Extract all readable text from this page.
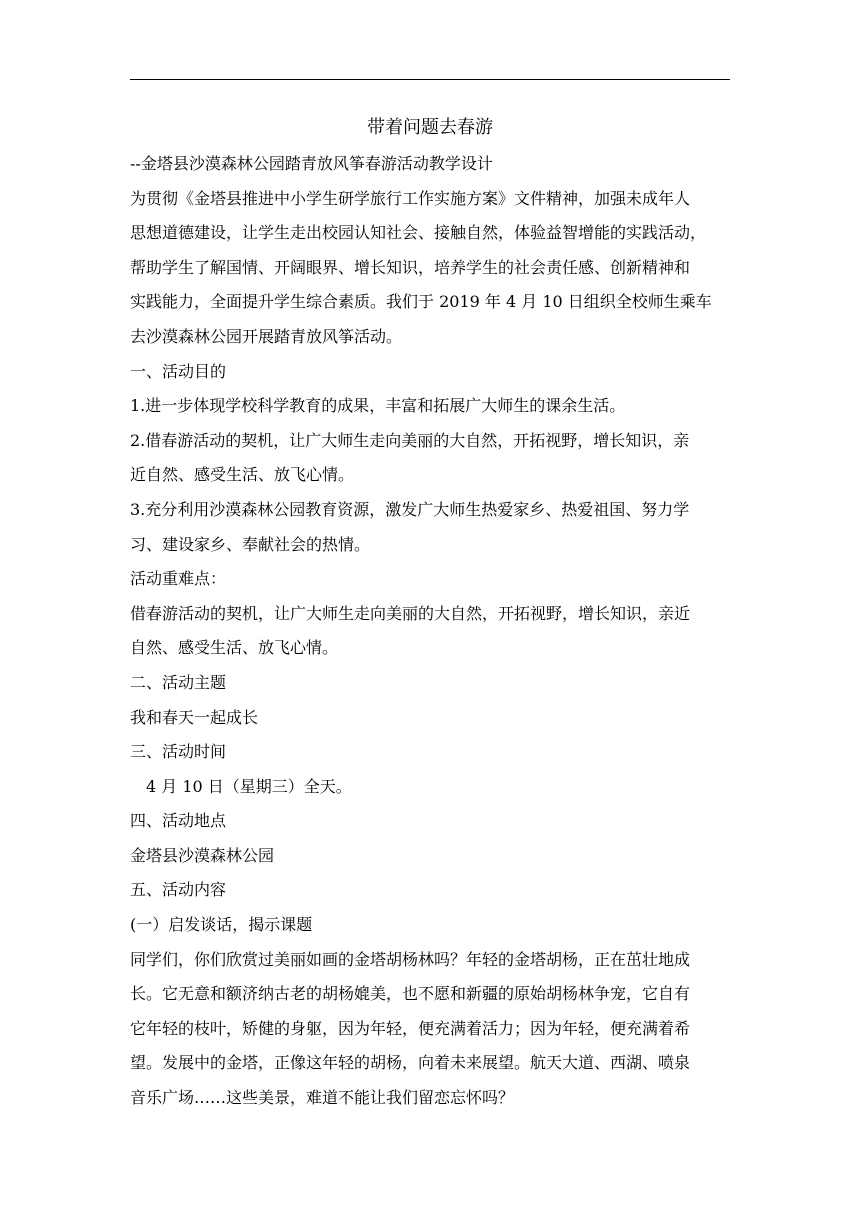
带着问题去春游
--金塔县沙漠森林公园踏青放风筝春游活动教学设计
为贯彻《金塔县推进中小学生研学旅行工作实施方案》文件精神，加强未成年人
思想道德建设，让学生走出校园认知社会、接触自然，体验益智增能的实践活动，
帮助学生了解国情、开阔眼界、增长知识，培养学生的社会责任感、创新精神和
实践能力，全面提升学生综合素质。我们于 2019 年 4 月 10 日组织全校师生乘车
去沙漠森林公园开展踏青放风筝活动。
一、活动目的
1.进一步体现学校科学教育的成果，丰富和拓展广大师生的课余生活。
2.借春游活动的契机，让广大师生走向美丽的大自然，开拓视野，增长知识，亲
近自然、感受生活、放飞心情。
3.充分利用沙漠森林公园教育资源，激发广大师生热爱家乡、热爱祖国、努力学
习、建设家乡、奉献社会的热情。
活动重难点：
借春游活动的契机，让广大师生走向美丽的大自然，开拓视野，增长知识，亲近
自然、感受生活、放飞心情。
二、活动主题
我和春天一起成长
三、活动时间
4 月 10 日（星期三）全天。
四、活动地点
金塔县沙漠森林公园
五、活动内容
(一）启发谈话，揭示课题
同学们，你们欣赏过美丽如画的金塔胡杨林吗？年轻的金塔胡杨，正在茁壮地成
长。它无意和额济纳古老的胡杨媲美，也不愿和新疆的原始胡杨林争宠，它自有
它年轻的枝叶，矫健的身躯，因为年轻，便充满着活力；因为年轻，便充满着希
望。发展中的金塔，正像这年轻的胡杨，向着未来展望。航天大道、西湖、喷泉
音乐广场……这些美景，难道不能让我们留恋忘怀吗？
